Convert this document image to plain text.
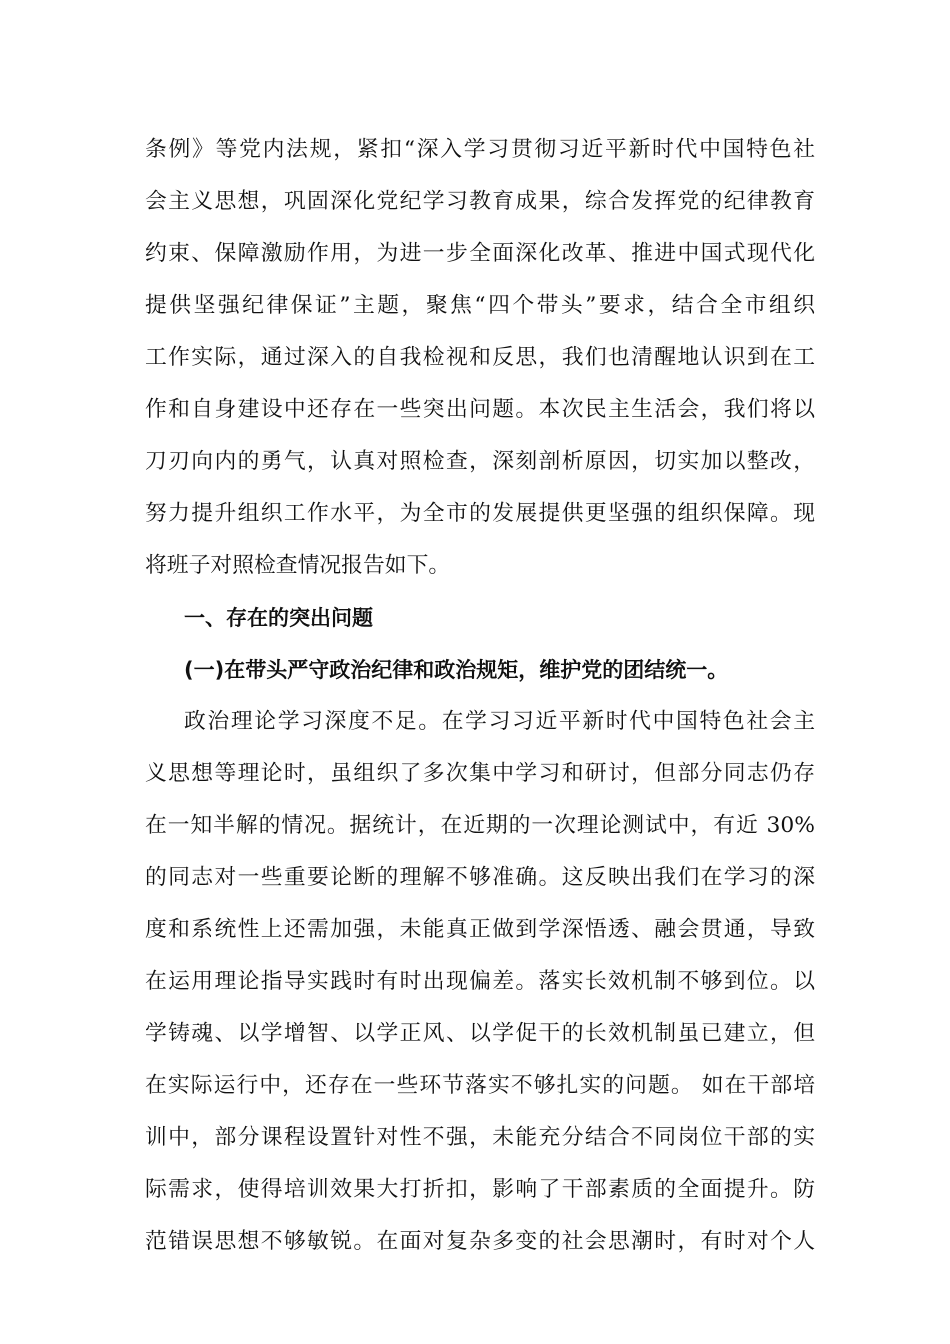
条例》等党内法规，紧扣“深入学习贯彻习近平新时代中国特色社
会主义思想，巩固深化党纪学习教育成果，综合发挥党的纪律教育
约束、保障激励作用，为进一步全面深化改革、推进中国式现代化
提供坚强纪律保证”主题，聚焦“四个带头”要求，结合全市组织
工作实际，通过深入的自我检视和反思，我们也清醒地认识到在工
作和自身建设中还存在一些突出问题。本次民主生活会，我们将以
刀刃向内的勇气，认真对照检查，深刻剖析原因，切实加以整改，
努力提升组织工作水平，为全市的发展提供更坚强的组织保障。现
将班子对照检查情况报告如下。
一、存在的突出问题
(一)在带头严守政治纪律和政治规矩，维护党的团结统一。
政治理论学习深度不足。在学习习近平新时代中国特色社会主
义思想等理论时，虽组织了多次集中学习和研讨，但部分同志仍存
在一知半解的情况。据统计，在近期的一次理论测试中，有近 30%
的同志对一些重要论断的理解不够准确。这反映出我们在学习的深
度和系统性上还需加强，未能真正做到学深悟透、融会贯通，导致
在运用理论指导实践时有时出现偏差。落实长效机制不够到位。以
学铸魂、以学增智、以学正风、以学促干的长效机制虽已建立，但
在实际运行中，还存在一些环节落实不够扎实的问题。 如在干部培
训中，部分课程设置针对性不强，未能充分结合不同岗位干部的实
际需求，使得培训效果大打折扣，影响了干部素质的全面提升。防
范错误思想不够敏锐。在面对复杂多变的社会思潮时，有时对个人
